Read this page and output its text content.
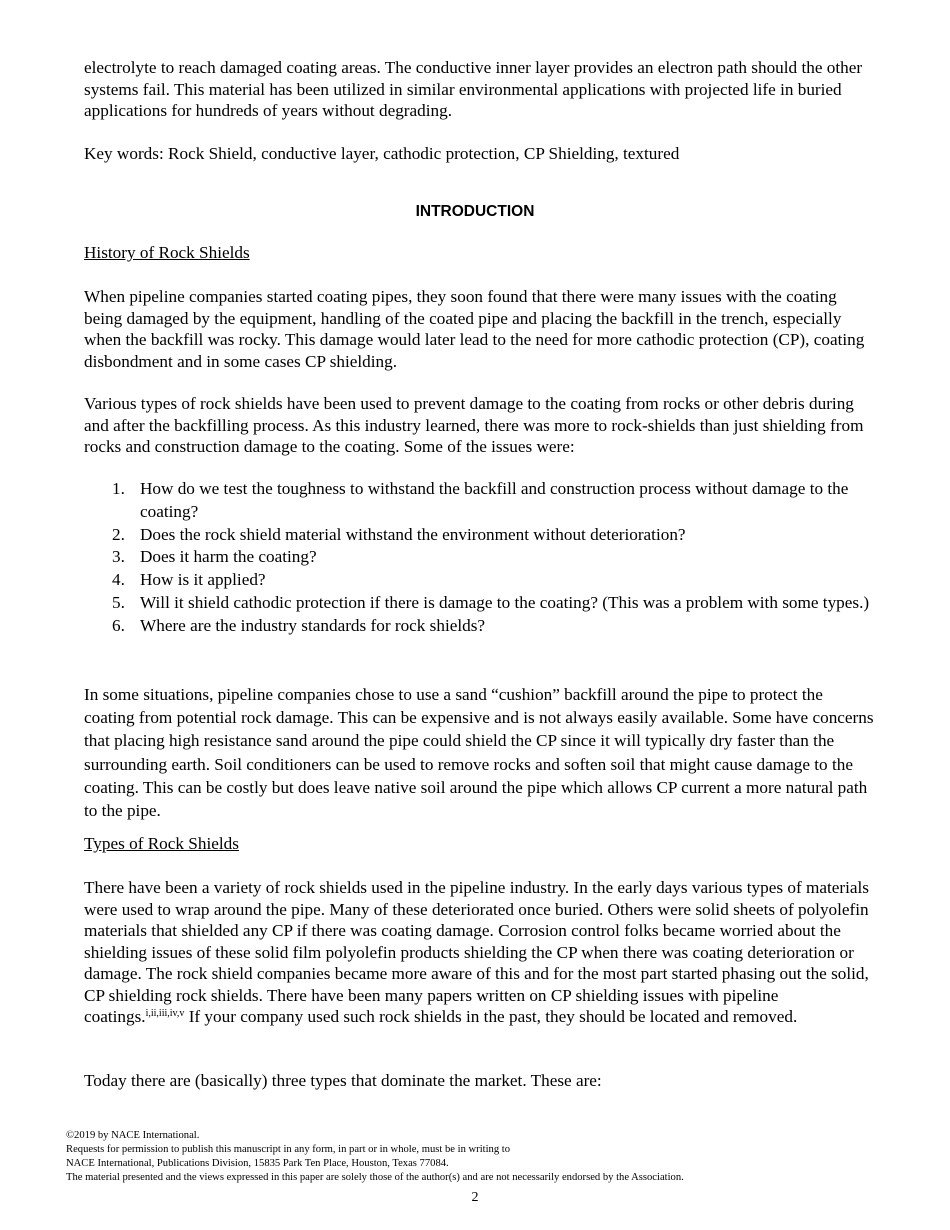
electrolyte to reach damaged coating areas. The conductive inner layer provides an electron path should the other systems fail. This material has been utilized in similar environmental applications with projected life in buried applications for hundreds of years without degrading.

Key words: Rock Shield, conductive layer, cathodic protection, CP Shielding, textured

INTRODUCTION

History of Rock Shields

When pipeline companies started coating pipes, they soon found that there were many issues with the coating being damaged by the equipment, handling of the coated pipe and placing the backfill in the trench, especially when the backfill was rocky. This damage would later lead to the need for more cathodic protection (CP), coating disbondment and in some cases CP shielding.

Various types of rock shields have been used to prevent damage to the coating from rocks or other debris during and after the backfilling process. As this industry learned, there was more to rock-shields than just shielding from rocks and construction damage to the coating. Some of the issues were:

1. How do we test the toughness to withstand the backfill and construction process without damage to the coating?
2. Does the rock shield material withstand the environment without deterioration?
3. Does it harm the coating?
4. How is it applied?
5. Will it shield cathodic protection if there is damage to the coating? (This was a problem with some types.)
6. Where are the industry standards for rock shields?

In some situations, pipeline companies chose to use a sand “cushion” backfill around the pipe to protect the coating from potential rock damage. This can be expensive and is not always easily available. Some have concerns that placing high resistance sand around the pipe could shield the CP since it will typically dry faster than the surrounding earth. Soil conditioners can be used to remove rocks and soften soil that might cause damage to the coating. This can be costly but does leave native soil around the pipe which allows CP current a more natural path to the pipe.

Types of Rock Shields

There have been a variety of rock shields used in the pipeline industry. In the early days various types of materials were used to wrap around the pipe. Many of these deteriorated once buried. Others were solid sheets of polyolefin materials that shielded any CP if there was coating damage. Corrosion control folks became worried about the shielding issues of these solid film polyolefin products shielding the CP when there was coating deterioration or damage. The rock shield companies became more aware of this and for the most part started phasing out the solid, CP shielding rock shields. There have been many papers written on CP shielding issues with pipeline coatings.$^{i,ii,iii,iv,v}$ If your company used such rock shields in the past, they should be located and removed.

Today there are (basically) three types that dominate the market. These are:

©2019 by NACE International.
Requests for permission to publish this manuscript in any form, in part or in whole, must be in writing to
NACE International, Publications Division, 15835 Park Ten Place, Houston, Texas 77084.
The material presented and the views expressed in this paper are solely those of the author(s) and are not necessarily endorsed by the Association.

2
